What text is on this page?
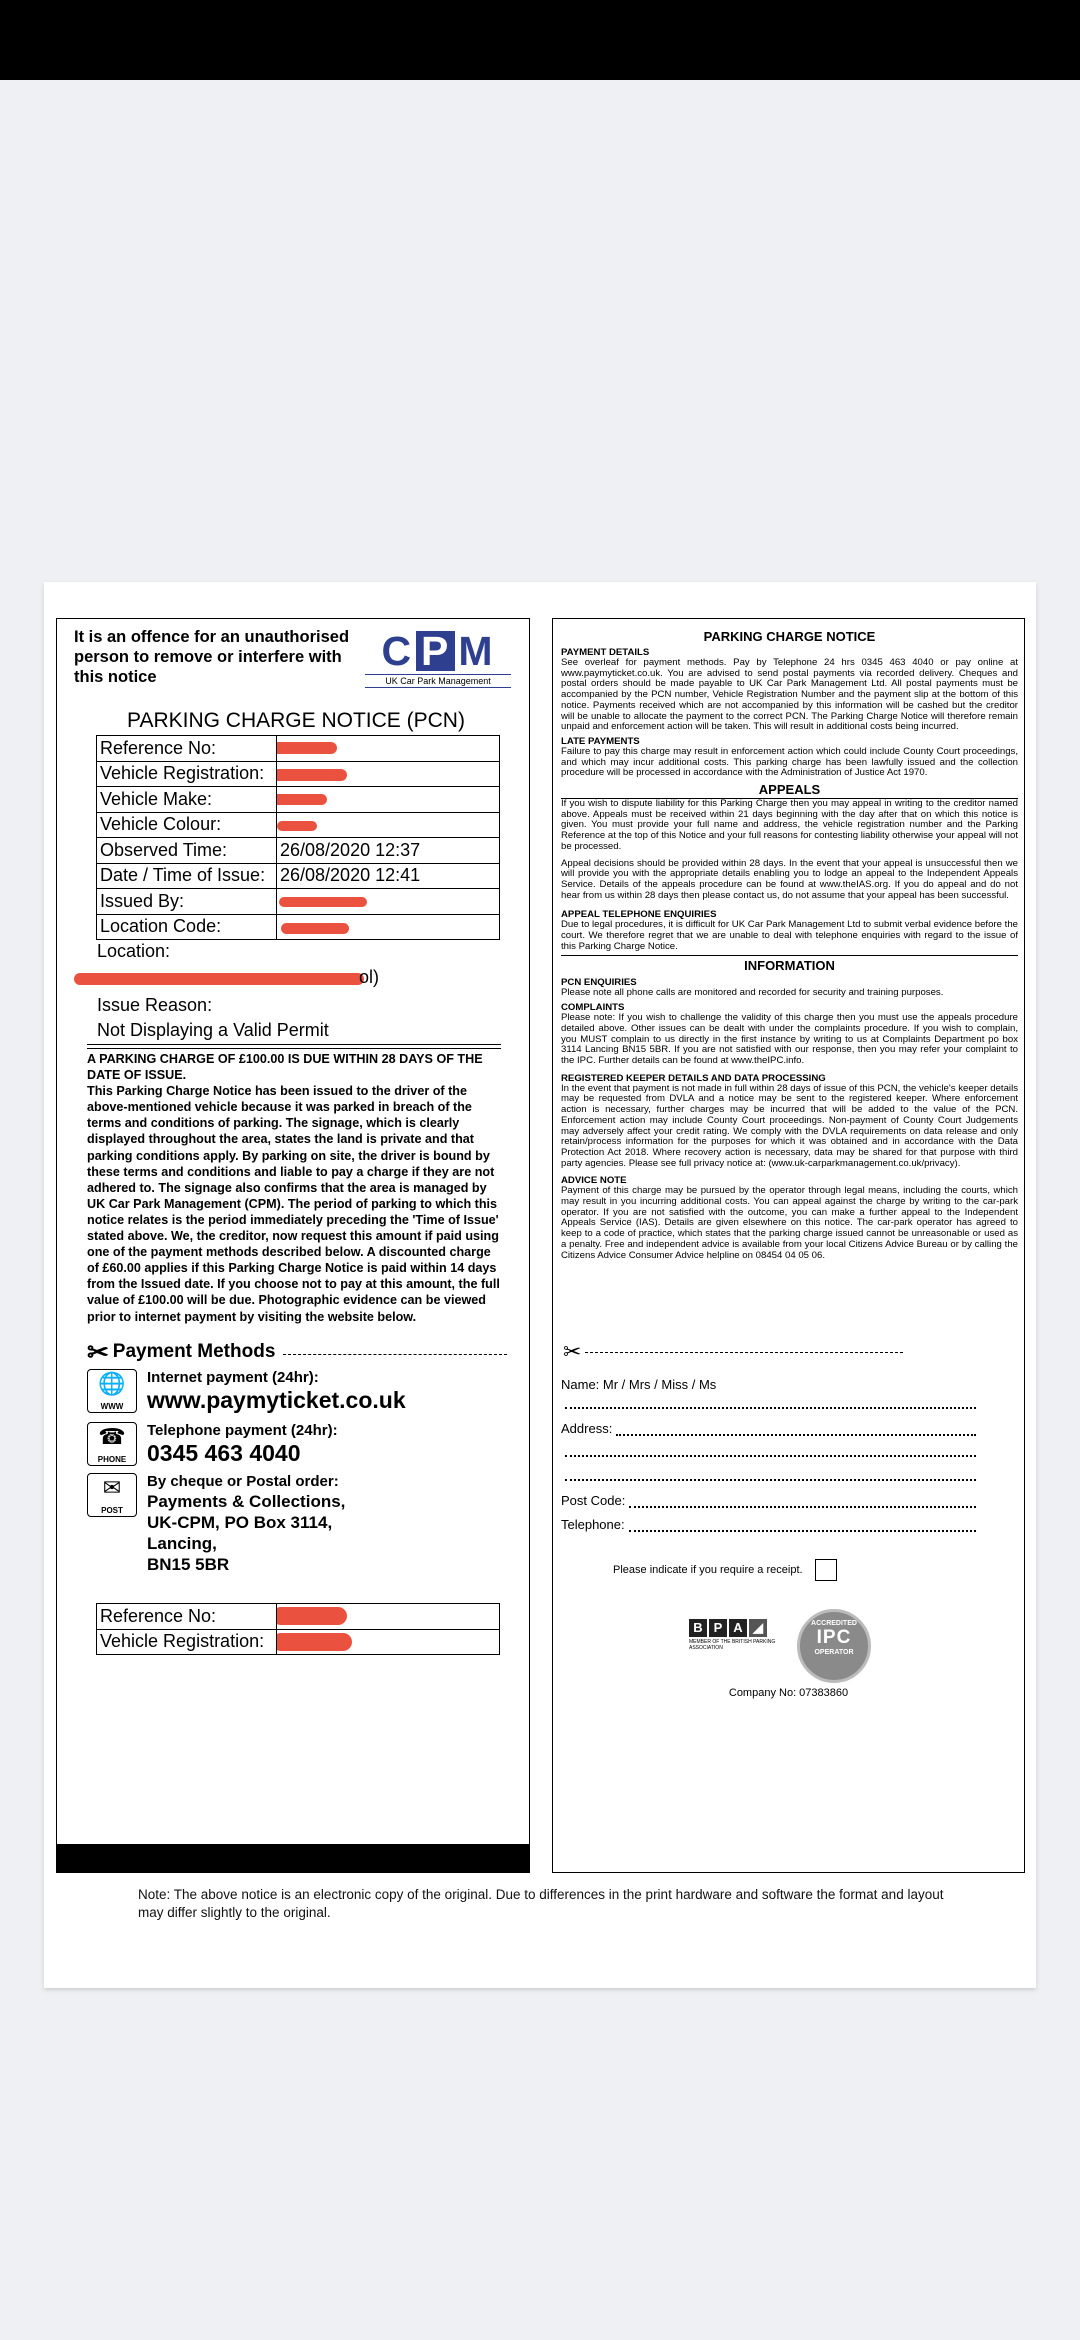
It is an offence for an unauthorised person to remove or interfere with this notice
C P M
UK Car Park Management
PARKING CHARGE NOTICE (PCN)
Reference No:	

Vehicle Registration:	

Vehicle Make:	

Vehicle Colour:	

Observed Time:	26/08/2020 12:37
Date / Time of Issue:	26/08/2020 12:41
Issued By:	

Location Code:	
Location:
ol)
Issue Reason:
Not Displaying a Valid Permit
A PARKING CHARGE OF £100.00 IS DUE WITHIN 28 DAYS OF THE DATE OF ISSUE.
This Parking Charge Notice has been issued to the driver of the above-mentioned vehicle because it was parked in breach of the terms and conditions of parking. The signage, which is clearly displayed throughout the area, states the land is private and that parking conditions apply. By parking on site, the driver is bound by these terms and conditions and liable to pay a charge if they are not adhered to. The signage also confirms that the area is managed by UK Car Park Management (CPM). The period of parking to which this notice relates is the period immediately preceding the 'Time of Issue' stated above. We, the creditor, now request this amount if paid using one of the payment methods described below. A discounted charge of £60.00 applies if this Parking Charge Notice is paid within 14 days from the Issued date. If you choose not to pay at this amount, the full value of £100.00 will be due. Photographic evidence can be viewed prior to internet payment by visiting the website below.
✂ Payment Methods
🌐
WWW
Internet payment (24hr):
www.paymyticket.co.uk
☎
PHONE
Telephone payment (24hr):
0345 463 4040
✉
POST
By cheque or Postal order:
Payments & Collections,
UK-CPM, PO Box 3114,
Lancing,
BN15 5BR
Reference No:	

Vehicle Registration:	
PARKING CHARGE NOTICE
PAYMENT DETAILS
See overleaf for payment methods. Pay by Telephone 24 hrs 0345 463 4040 or pay online at www.paymyticket.co.uk. You are advised to send postal payments via recorded delivery. Cheques and postal orders should be made payable to UK Car Park Management Ltd. All postal payments must be accompanied by the PCN number, Vehicle Registration Number and the payment slip at the bottom of this notice. Payments received which are not accompanied by this information will be cashed but the creditor will be unable to allocate the payment to the correct PCN. The Parking Charge Notice will therefore remain unpaid and enforcement action will be taken. This will result in additional costs being incurred.
LATE PAYMENTS
Failure to pay this charge may result in enforcement action which could include County Court proceedings, and which may incur additional costs. This parking charge has been lawfully issued and the collection procedure will be processed in accordance with the Administration of Justice Act 1970.
APPEALS
If you wish to dispute liability for this Parking Charge then you may appeal in writing to the creditor named above. Appeals must be received within 21 days beginning with the day after that on which this notice is given. You must provide your full name and address, the vehicle registration number and the Parking Reference at the top of this Notice and your full reasons for contesting liability otherwise your appeal will not be processed.
Appeal decisions should be provided within 28 days. In the event that your appeal is unsuccessful then we will provide you with the appropriate details enabling you to lodge an appeal to the Independent Appeals Service. Details of the appeals procedure can be found at www.theIAS.org. If you do appeal and do not hear from us within 28 days then please contact us, do not assume that your appeal has been successful.
APPEAL TELEPHONE ENQUIRIES
Due to legal procedures, it is difficult for UK Car Park Management Ltd to submit verbal evidence before the court. We therefore regret that we are unable to deal with telephone enquiries with regard to the issue of this Parking Charge Notice.
INFORMATION
PCN ENQUIRIES
Please note all phone calls are monitored and recorded for security and training purposes.
COMPLAINTS
Please note: If you wish to challenge the validity of this charge then you must use the appeals procedure detailed above. Other issues can be dealt with under the complaints procedure. If you wish to complain, you MUST complain to us directly in the first instance by writing to us at Complaints Department po box 3114 Lancing BN15 5BR. If you are not satisfied with our response, then you may refer your complaint to the IPC. Further details can be found at www.theIPC.info.
REGISTERED KEEPER DETAILS AND DATA PROCESSING
In the event that payment is not made in full within 28 days of issue of this PCN, the vehicle's keeper details may be requested from DVLA and a notice may be sent to the registered keeper. Where enforcement action is necessary, further charges may be incurred that will be added to the value of the PCN. Enforcement action may include County Court proceedings. Non-payment of County Court Judgements may adversely affect your credit rating. We comply with the DVLA requirements on data release and only retain/process information for the purposes for which it was obtained and in accordance with the Data Protection Act 2018. Where recovery action is necessary, data may be shared for that purpose with third party agencies. Please see full privacy notice at: (www.uk-carparkmanagement.co.uk/privacy).
ADVICE NOTE
Payment of this charge may be pursued by the operator through legal means, including the courts, which may result in you incurring additional costs. You can appeal against the charge by writing to the car-park operator. If you are not satisfied with the outcome, you can make a further appeal to the Independent Appeals Service (IAS). Details are given elsewhere on this notice. The car-park operator has agreed to keep to a code of practice, which states that the parking charge issued cannot be unreasonable or used as a penalty. Free and independent advice is available from your local Citizens Advice Bureau or by calling the Citizens Advice Consumer Advice helpline on 08454 04 05 06.
✂
Name: Mr / Mrs / Miss / Ms
Address:
Post Code:
Telephone:
Please indicate if you require a receipt.
B P A ◢
MEMBER OF THE BRITISH PARKING ASSOCIATION
ACCREDITED
IPC
OPERATOR
Company No: 07383860
Note: The above notice is an electronic copy of the original. Due to differences in the print hardware and software the format and layout may differ slightly to the original.
